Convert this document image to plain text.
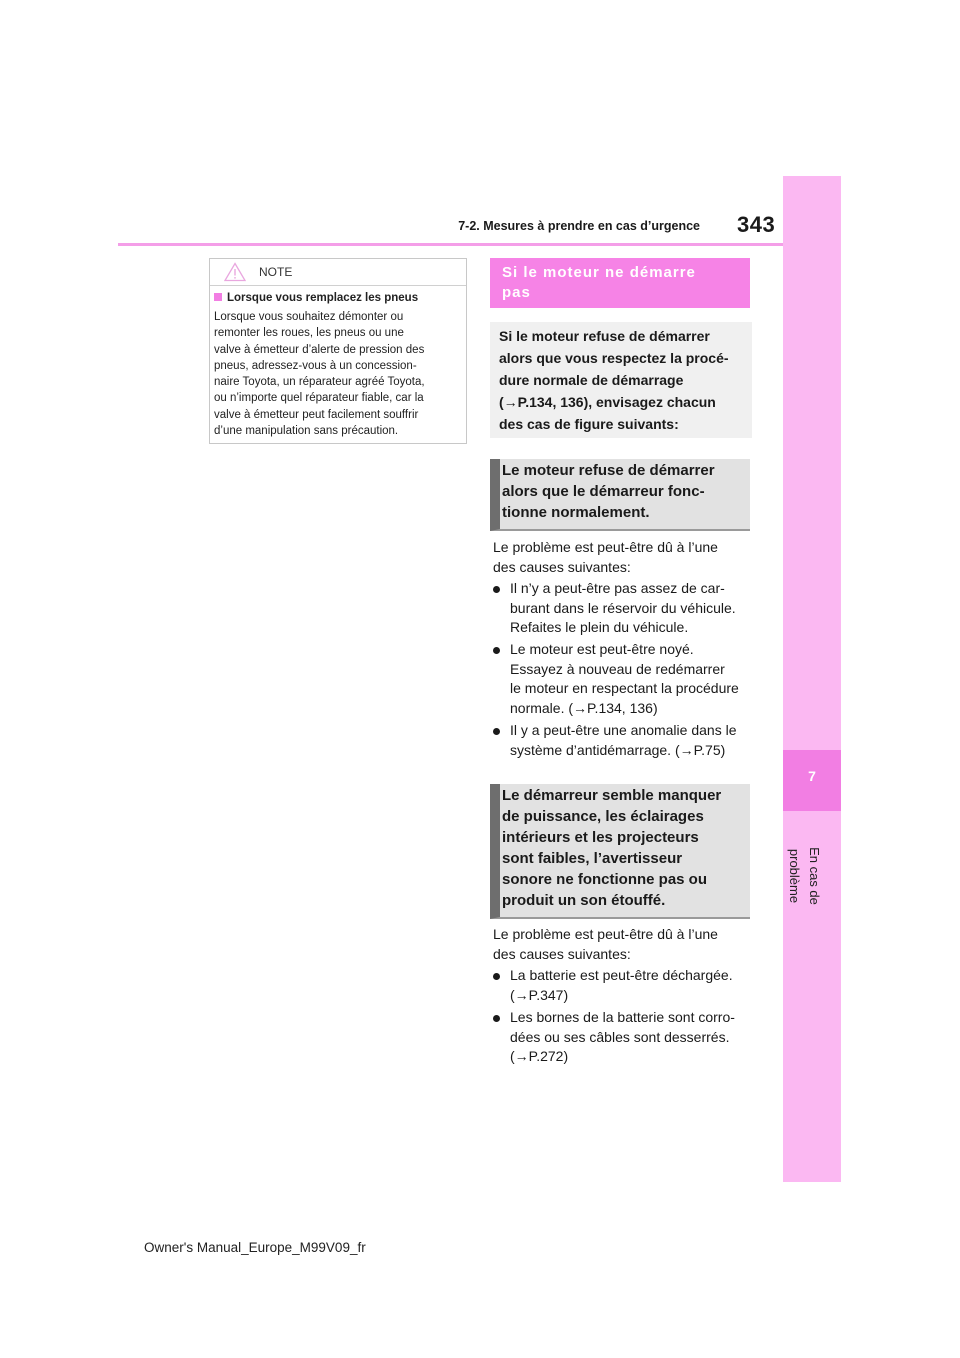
7-2. Mesures à prendre en cas d’urgence 343
7
En cas de problème
NOTE
Lorsque vous remplacez les pneus
Lorsque vous souhaitez démonter ou
remonter les roues, les pneus ou une
valve à émetteur d’alerte de pression des
pneus, adressez-vous à un concession-
naire Toyota, un réparateur agréé Toyota,
ou n’importe quel réparateur fiable, car la
valve à émetteur peut facilement souffrir
d’une manipulation sans précaution.
Si le moteur ne démarre
pas
Si le moteur refuse de démarrer
alors que vous respectez la procé-
dure normale de démarrage
(→P.134, 136), envisagez chacun
des cas de figure suivants:
Le moteur refuse de démarrer
alors que le démarreur fonc-
tionne normalement.
Le problème est peut-être dû à l’une
des causes suivantes:
Il n’y a peut-être pas assez de car-
burant dans le réservoir du véhicule.
Refaites le plein du véhicule.
Le moteur est peut-être noyé.
Essayez à nouveau de redémarrer
le moteur en respectant la procédure
normale. (→P.134, 136)
Il y a peut-être une anomalie dans le
système d’antidémarrage. (→P.75)
Le démarreur semble manquer
de puissance, les éclairages
intérieurs et les projecteurs
sont faibles, l’avertisseur
sonore ne fonctionne pas ou
produit un son étouffé.
Le problème est peut-être dû à l’une
des causes suivantes:
La batterie est peut-être déchargée.
(→P.347)
Les bornes de la batterie sont corro-
dées ou ses câbles sont desserrés.
(→P.272)
Owner's Manual_Europe_M99V09_fr
